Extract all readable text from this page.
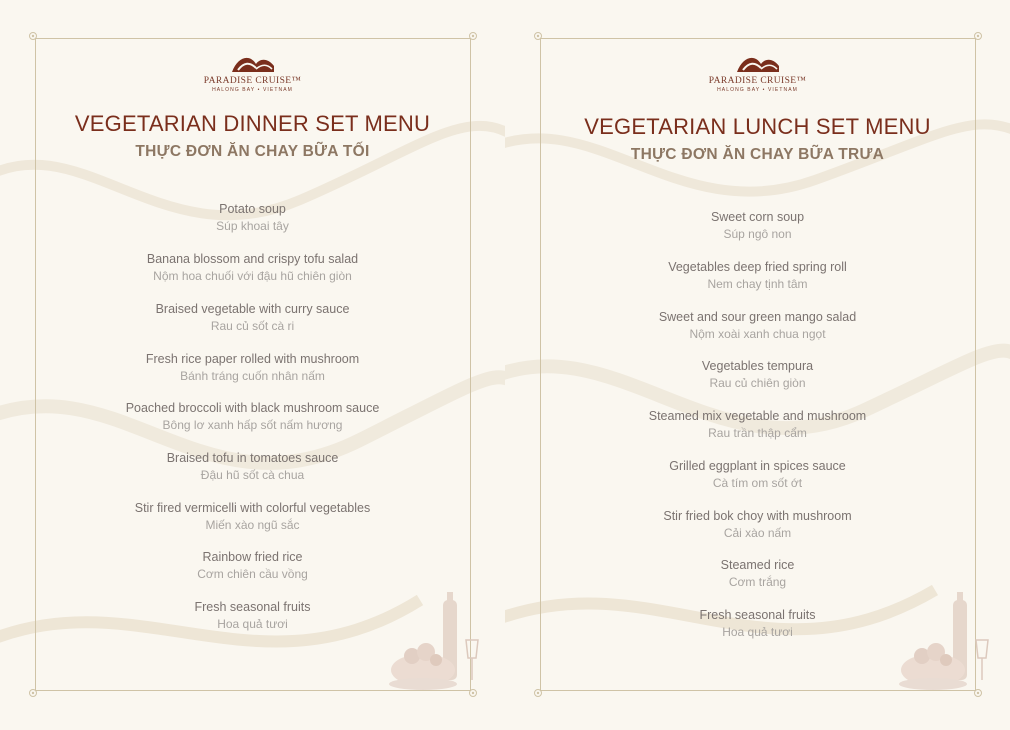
PARADISE CRUISE™
HALONG BAY • VIETNAM
VEGETARIAN DINNER SET MENU
THỰC ĐƠN ĂN CHAY BỮA TỐI
Potato soup
Súp khoai tây
Banana blossom and crispy tofu salad
Nộm hoa chuối với đậu hũ chiên giòn
Braised vegetable with curry sauce
Rau củ sốt cà ri
Fresh rice paper rolled with mushroom
Bánh tráng cuốn nhân nấm
Poached broccoli with black mushroom sauce
Bông lơ xanh hấp sốt nấm hương
Braised tofu in tomatoes sauce
Đậu hũ sốt cà chua
Stir fired vermicelli with colorful vegetables
Miến xào ngũ sắc
Rainbow fried rice
Cơm chiên cầu vồng
Fresh seasonal fruits
Hoa quả tươi
PARADISE CRUISE™
HALONG BAY • VIETNAM
VEGETARIAN LUNCH SET MENU
THỰC ĐƠN ĂN CHAY BỮA TRƯA
Sweet corn soup
Súp ngô non
Vegetables deep fried spring roll
Nem chay tịnh tâm
Sweet and sour green mango salad
Nộm xoài xanh chua ngọt
Vegetables tempura
Rau củ chiên giòn
Steamed mix vegetable and mushroom
Rau trần thập cẩm
Grilled eggplant in spices sauce
Cà tím om sốt ớt
Stir fried bok choy with mushroom
Cải xào nấm
Steamed rice
Cơm trắng
Fresh seasonal fruits
Hoa quả tươi
